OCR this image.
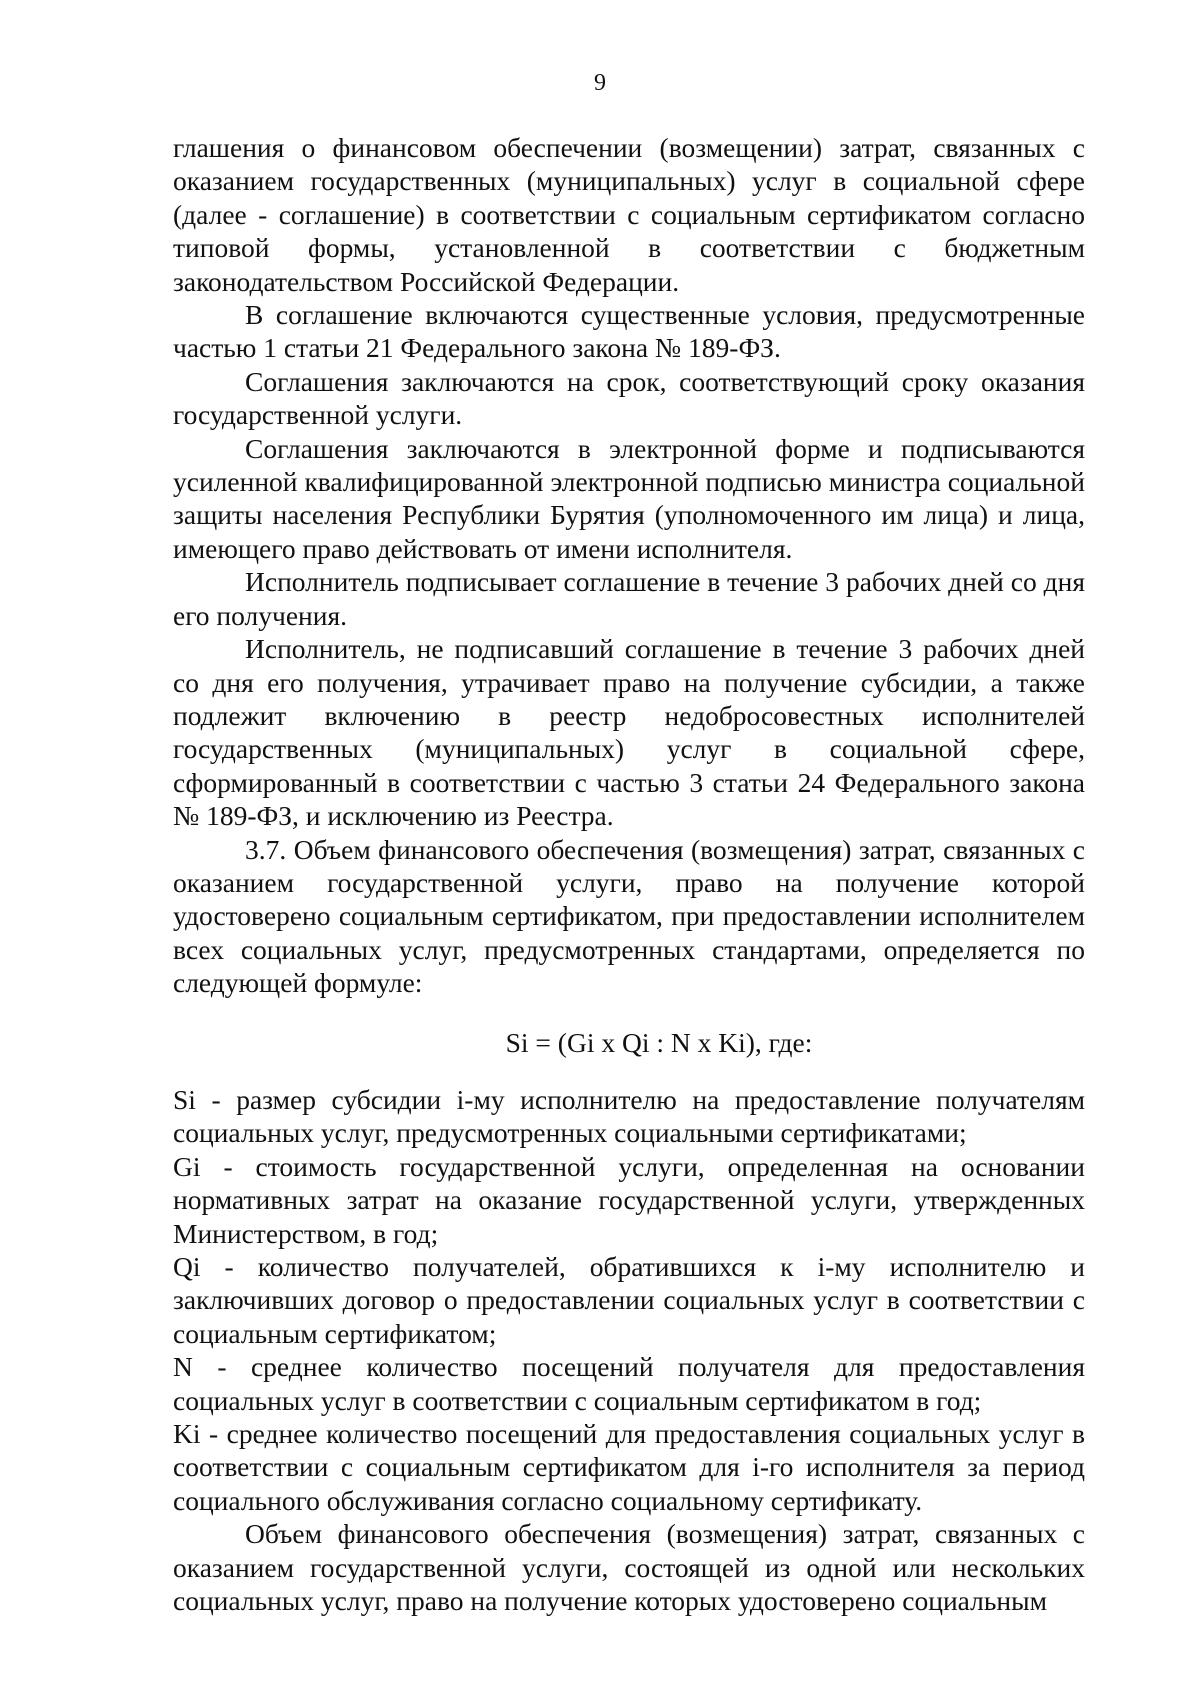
9

глашения о финансовом обеспечении (возмещении) затрат, связанных с оказанием государственных (муниципальных) услуг в социальной сфере (далее - соглашение) в соответствии с социальным сертификатом согласно типовой формы, установленной в соответствии с бюджетным законодательством Российской Федерации.

В соглашение включаются существенные условия, предусмотренные частью 1 статьи 21 Федерального закона № 189-ФЗ.

Соглашения заключаются на срок, соответствующий сроку оказания государственной услуги.

Соглашения заключаются в электронной форме и подписываются усиленной квалифицированной электронной подписью министра социальной защиты населения Республики Бурятия (уполномоченного им лица) и лица, имеющего право действовать от имени исполнителя.

Исполнитель подписывает соглашение в течение 3 рабочих дней со дня его получения.

Исполнитель, не подписавший соглашение в течение 3 рабочих дней со дня его получения, утрачивает право на получение субсидии, а также подлежит включению в реестр недобросовестных исполнителей государственных (муниципальных) услуг в социальной сфере, сформированный в соответствии с частью 3 статьи 24 Федерального закона № 189-ФЗ, и исключению из Реестра.

3.7. Объем финансового обеспечения (возмещения) затрат, связанных с оказанием государственной услуги, право на получение которой удостоверено социальным сертификатом, при предоставлении исполнителем всех социальных услуг, предусмотренных стандартами, определяется по следующей формуле:

Si = (Gi x Qi : N x Ki), где:

Si - размер субсидии i-му исполнителю на предоставление получателям социальных услуг, предусмотренных социальными сертификатами;

Gi - стоимость государственной услуги, определенная на основании нормативных затрат на оказание государственной услуги, утвержденных Министерством, в год;

Qi - количество получателей, обратившихся к i-му исполнителю и заключивших договор о предоставлении социальных услуг в соответствии с социальным сертификатом;

N - среднее количество посещений получателя для предоставления социальных услуг в соответствии с социальным сертификатом в год;

Ki - среднее количество посещений для предоставления социальных услуг в соответствии с социальным сертификатом для i-го исполнителя за период социального обслуживания согласно социальному сертификату.

Объем финансового обеспечения (возмещения) затрат, связанных с оказанием государственной услуги, состоящей из одной или нескольких социальных услуг, право на получение которых удостоверено социальным
